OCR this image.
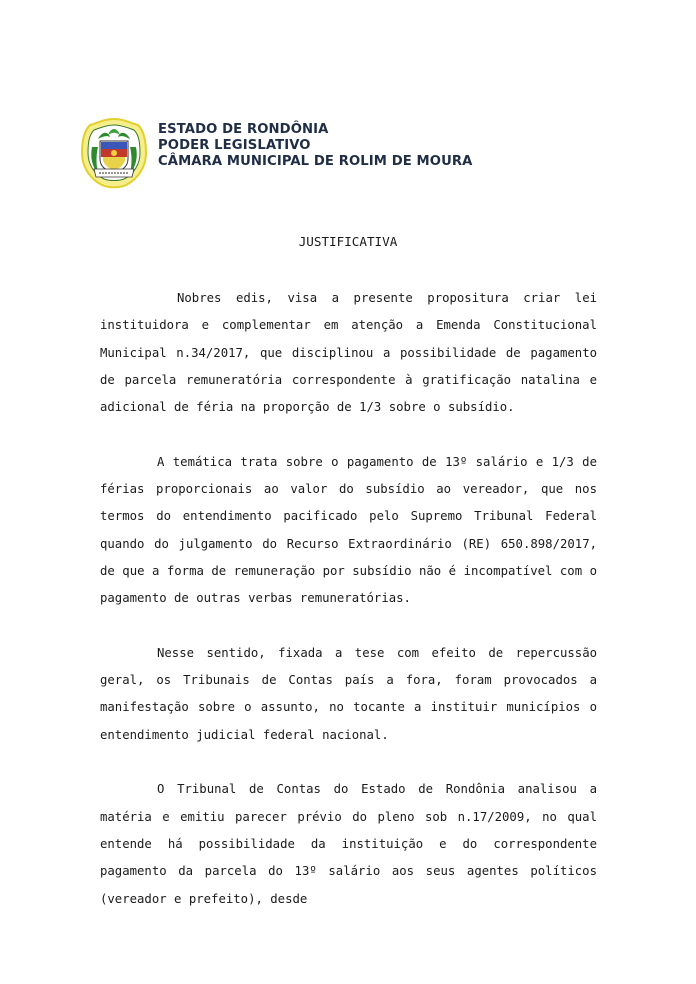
ESTADO DE RONDÔNIA
PODER LEGISLATIVO
CÂMARA MUNICIPAL DE ROLIM DE MOURA
JUSTIFICATIVA

Nobres edis, visa a presente propositura criar lei instituidora e complementar em atenção a Emenda Constitucional Municipal n.34/2017, que disciplinou a possibilidade de pagamento de parcela remuneratória correspondente à gratificação natalina e adicional de féria na proporção de 1/3 sobre o subsídio.

A temática trata sobre o pagamento de 13º salário e 1/3 de férias proporcionais ao valor do subsídio ao vereador, que nos termos do entendimento pacificado pelo Supremo Tribunal Federal quando do julgamento do Recurso Extraordinário (RE) 650.898/2017, de que a forma de remuneração por subsídio não é incompatível com o pagamento de outras verbas remuneratórias.

Nesse sentido, fixada a tese com efeito de repercussão geral, os Tribunais de Contas país a fora, foram provocados a manifestação sobre o assunto, no tocante a instituir municípios o entendimento judicial federal nacional.

O Tribunal de Contas do Estado de Rondônia analisou a matéria e emitiu parecer prévio do pleno sob n.17/2009, no qual entende há possibilidade da instituição e do correspondente pagamento da parcela do 13º salário aos seus agentes políticos (vereador e prefeito), desde
